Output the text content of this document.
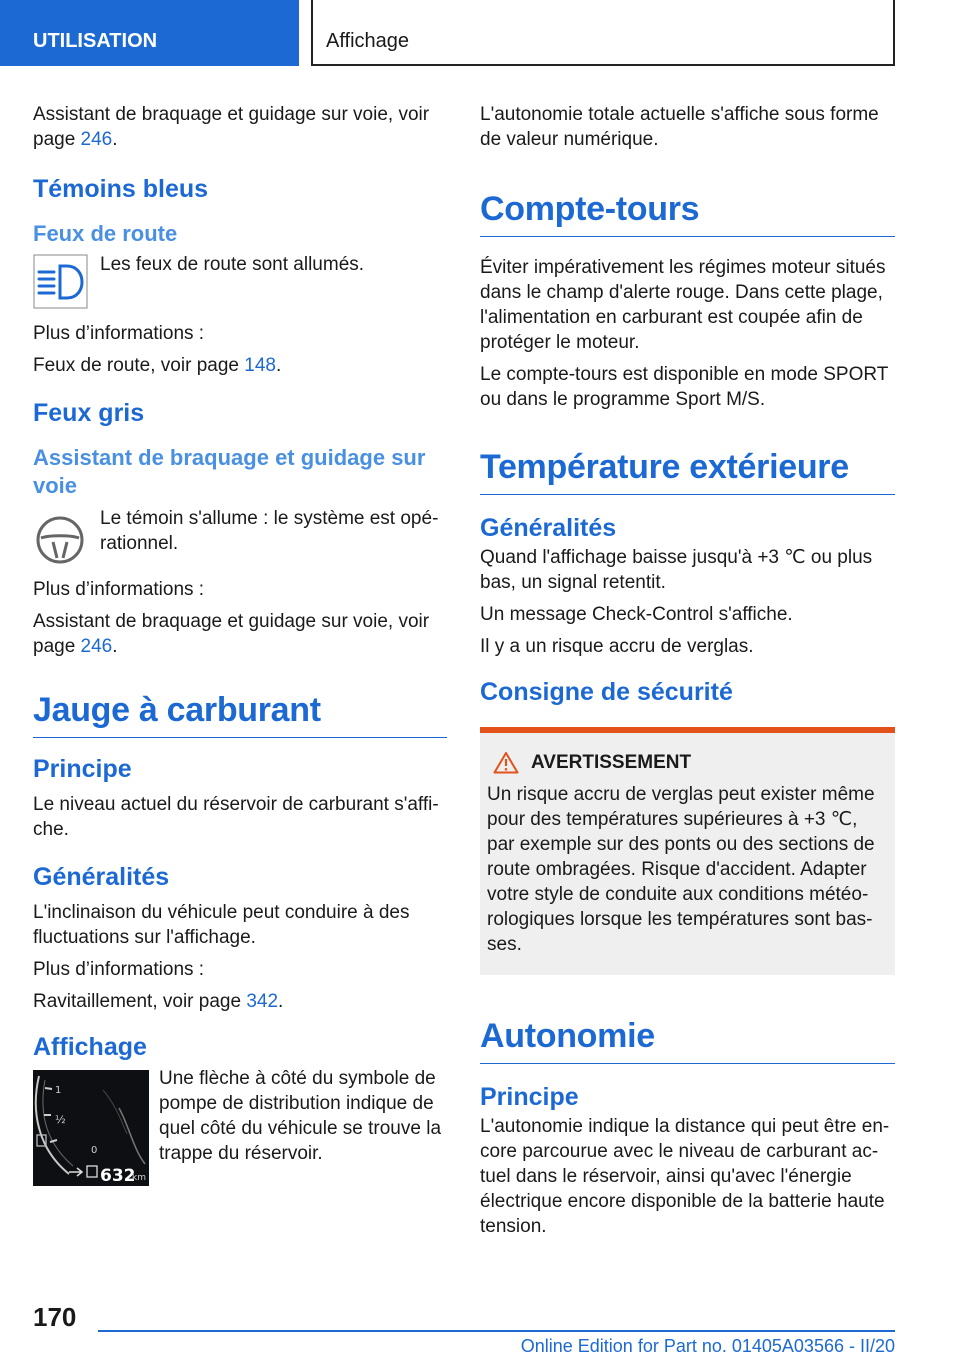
UTILISATION	Affichage

Assistant de braquage et guidage sur voie, voir page 246.

Témoins bleus
Feux de route

Les feux de route sont allumés.

Plus d’informations :

Feux de route, voir page 148.

Feux gris
Assistant de braquage et guidage sur voie

Le témoin s'allume : le système est opé- rationnel.

Plus d’informations :

Assistant de braquage et guidage sur voie, voir page 246.

Jauge à carburant
Principe

Le niveau actuel du réservoir de carburant s'affi- che.

Généralités

L'inclinaison du véhicule peut conduire à des fluctuations sur l'affichage.

Plus d’informations :

Ravitaillement, voir page 342.

Affichage
1
½
0
632
km

Une flèche à côté du symbole de pompe de distribution indique de quel côté du véhicule se trouve la trappe du réservoir.

L'autonomie totale actuelle s'affiche sous forme de valeur numérique.

Compte-tours

Éviter impérativement les régimes moteur situés dans le champ d'alerte rouge. Dans cette plage, l'alimentation en carburant est coupée afin de protéger le moteur.

Le compte-tours est disponible en mode SPORT ou dans le programme Sport M/S.

Température extérieure
Généralités

Quand l'affichage baisse jusqu'à +3 ℃ ou plus bas, un signal retentit.

Un message Check-Control s'affiche.

Il y a un risque accru de verglas.

Consigne de sécurité
AVERTISSEMENT

Un risque accru de verglas peut exister même pour des températures supérieures à +3 ℃, par exemple sur des ponts ou des sections de route ombragées. Risque d'accident. Adapter votre style de conduite aux conditions météo- rologiques lorsque les températures sont bas- ses.

Autonomie
Principe

L'autonomie indique la distance qui peut être en- core parcourue avec le niveau de carburant ac- tuel dans le réservoir, ainsi qu'avec l'énergie électrique encore disponible de la batterie haute tension.

170
Online Edition for Part no. 01405A03566 - II/20
